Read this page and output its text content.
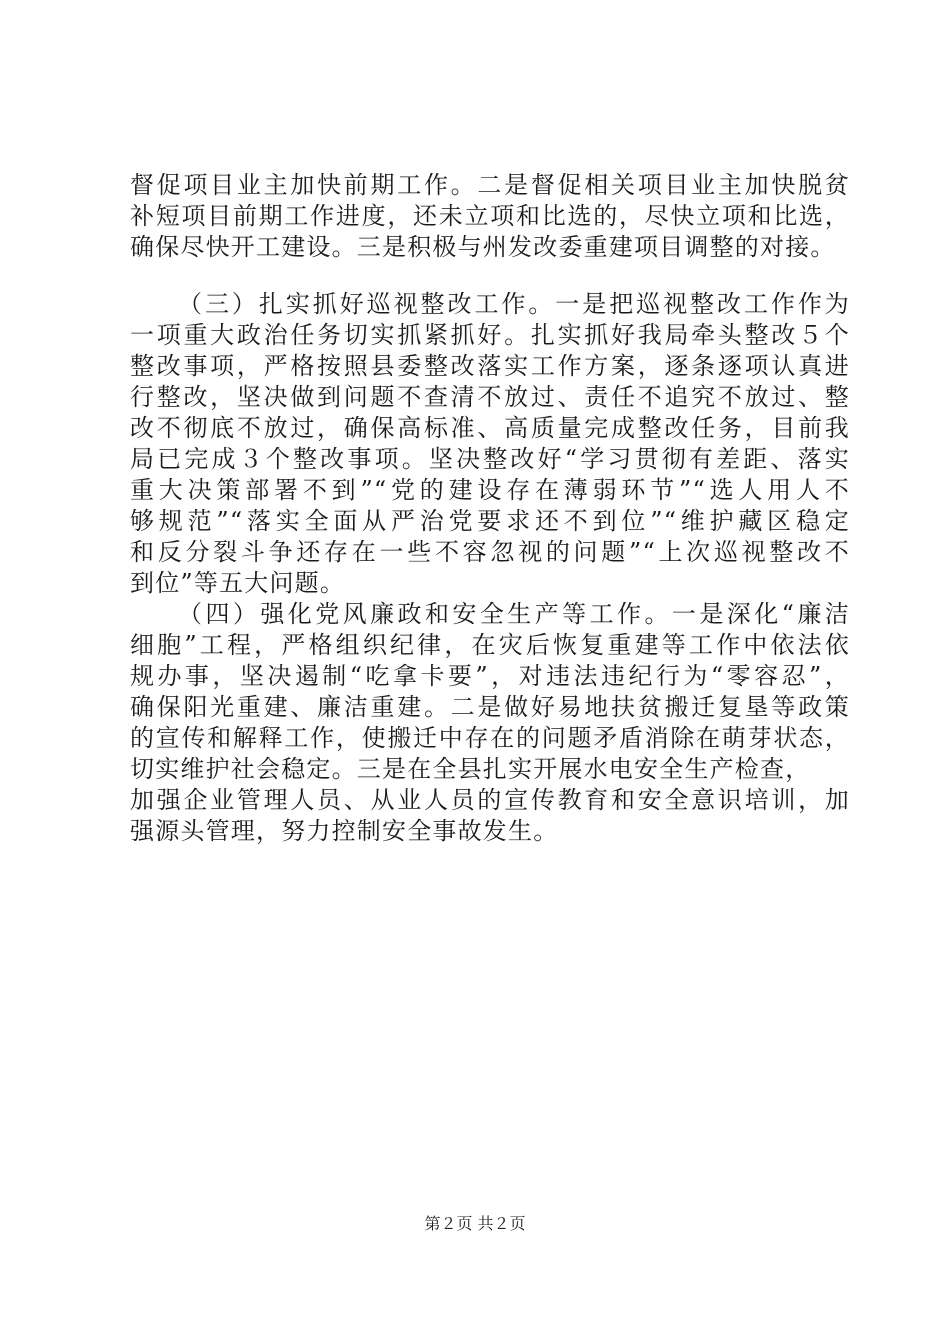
督促项目业主加快前期工作。二是督促相关项目业主加快脱贫
补短项目前期工作进度，还未立项和比选的，尽快立项和比选，
确保尽快开工建设。三是积极与州发改委重建项目调整的对接。
（三）扎实抓好巡视整改工作。一是把巡视整改工作作为
一项重大政治任务切实抓紧抓好。扎实抓好我局牵头整改５个
整改事项，严格按照县委整改落实工作方案，逐条逐项认真进
行整改，坚决做到问题不查清不放过、责任不追究不放过、整
改不彻底不放过，确保高标准、高质量完成整改任务，目前我
局已完成３个整改事项。坚决整改好“学习贯彻有差距、落实
重大决策部署不到”“党的建设存在薄弱环节”“选人用人不
够规范”“落实全面从严治党要求还不到位”“维护藏区稳定
和反分裂斗争还存在一些不容忽视的问题”“上次巡视整改不
到位”等五大问题。
（四）强化党风廉政和安全生产等工作。一是深化“廉洁
细胞”工程，严格组织纪律，在灾后恢复重建等工作中依法依
规办事，坚决遏制“吃拿卡要”，对违法违纪行为“零容忍”，
确保阳光重建、廉洁重建。二是做好易地扶贫搬迁复垦等政策
的宣传和解释工作，使搬迁中存在的问题矛盾消除在萌芽状态，
切实维护社会稳定。三是在全县扎实开展水电安全生产检查，
加强企业管理人员、从业人员的宣传教育和安全意识培训，加
强源头管理，努力控制安全事故发生。
第２页 共２页
